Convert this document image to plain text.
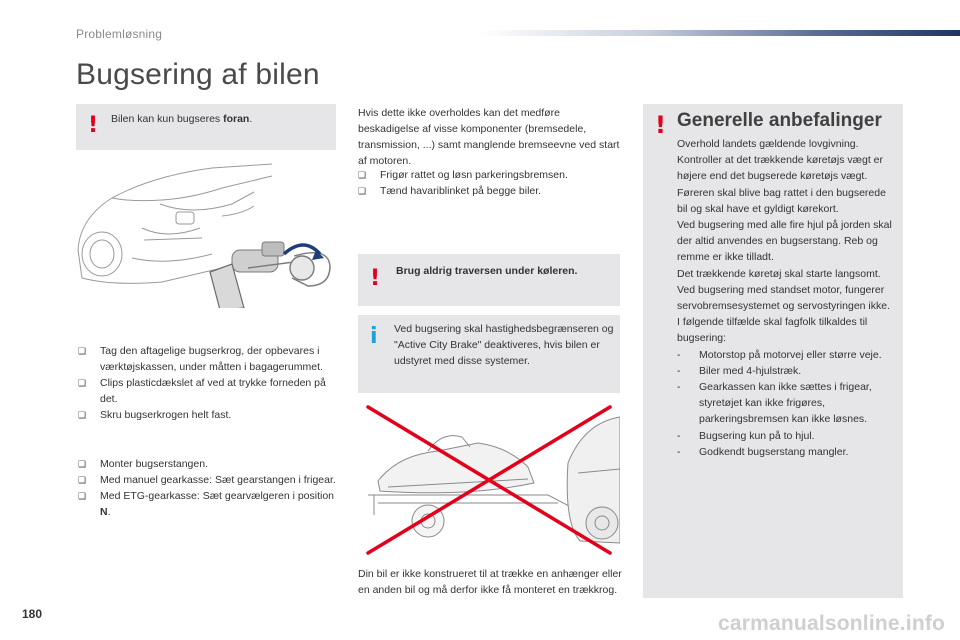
Problemløsning
Bugsering af bilen
! Bilen kan kun bugseres foran.

❑ Tag den aftagelige bugserkrog, der opbevares i værktøjskassen, under måtten i bagagerummet.
❑ Clips plasticdækslet af ved at trykke forneden på det.
❑ Skru bugserkrogen helt fast.
❑ Monter bugserstangen.
❑ Med manuel gearkasse: Sæt gearstangen i frigear.
❑ Med ETG-gearkasse: Sæt gearvælgeren i position N.

Hvis dette ikke overholdes kan det medføre beskadigelse af visse komponenter (bremsedele, transmission, ...) samt manglende bremseevne ved start af motoren.

❑ Frigør rattet og løsn parkeringsbremsen.
❑ Tænd havariblinket på begge biler.
! Brug aldrig traversen under køleren.

i Ved bugsering skal hastighedsbegrænseren og "Active City Brake" deaktiveres, hvis bilen er udstyret med disse systemer.

Din bil er ikke konstrueret til at trække en anhænger eller en anden bil og må derfor ikke få monteret en trækkrog.

! Generelle anbefalinger

Overhold landets gældende lovgivning.

Kontroller at det trækkende køretøjs vægt er højere end det bugserede køretøjs vægt.

Føreren skal blive bag rattet i den bugserede bil og skal have et gyldigt kørekort.

Ved bugsering med alle fire hjul på jorden skal der altid anvendes en bugserstang. Reb og remme er ikke tilladt.

Det trækkende køretøj skal starte langsomt.

Ved bugsering med standset motor, fungerer servobremsesystemet og servostyringen ikke.

I følgende tilfælde skal fagfolk tilkaldes til bugsering:

- Motorstop på motorvej eller større veje.

- Biler med 4-hjulstræk.

- Gearkassen kan ikke sættes i frigear, styretøjet kan ikke frigøres, parkeringsbremsen kan ikke løsnes.

- Bugsering kun på to hjul.

- Godkendt bugserstang mangler.

180	carmanualsonline.info
